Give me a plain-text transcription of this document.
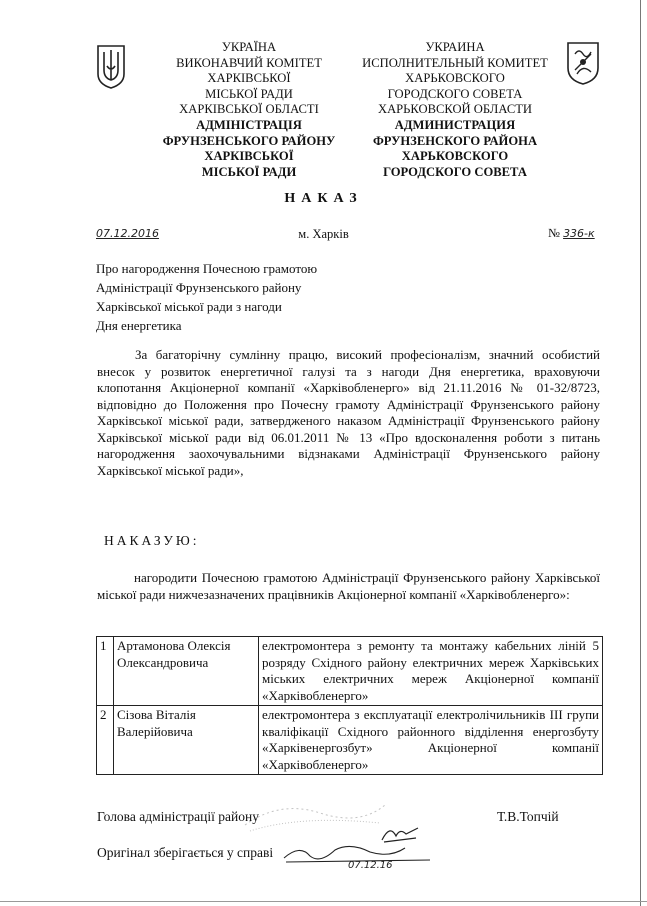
УКРАЇНА
ВИКОНАВЧИЙ КОМІТЕТ
ХАРКІВСЬКОЇ
МІСЬКОЇ РАДИ
ХАРКІВСЬКОЇ ОБЛАСТІ
АДМІНІСТРАЦІЯ
ФРУНЗЕНСЬКОГО РАЙОНУ
ХАРКІВСЬКОЇ
МІСЬКОЇ РАДИ
УКРАИНА
ИСПОЛНИТЕЛЬНЫЙ КОМИТЕТ
ХАРЬКОВСКОГО
ГОРОДСКОГО СОВЕТА
ХАРЬКОВСКОЙ ОБЛАСТИ
АДМИНИСТРАЦИЯ
ФРУНЗЕНСКОГО РАЙОНА
ХАРЬКОВСКОГО
ГОРОДСКОГО СОВЕТА
НАКАЗ
07.12.2016	м. Харків	№ 336-к
Про нагородження Почесною грамотою
Адміністрації Фрунзенського району
Харківської міської ради з нагоди
Дня енергетика
За багаторічну сумлінну працю, високий професіоналізм, значний особистий внесок у розвиток енергетичної галузі та з нагоди Дня енергетика, враховуючи клопотання Акціонерної компанії «Харківобленерго» від 21.11.2016 № 01-32/8723, відповідно до Положення про Почесну грамоту Адміністрації Фрунзенського району Харківської міської ради, затвердженого наказом Адміністрації Фрунзенського району Харківської міської ради від 06.01.2011 № 13 «Про вдосконалення роботи з питань нагородження заохочувальними відзнаками Адміністрації Фрунзенського району Харківської міської ради»,
НАКАЗУЮ:
нагородити Почесною грамотою Адміністрації Фрунзенського району Харківської міської ради нижчезазначених працівників Акціонерної компанії «Харківобленерго»:
1	Артамонова Олексія
Олександровича	електромонтера з ремонту та монтажу кабельних ліній 5 розряду Східного району електричних мереж Харківських міських електричних мереж Акціонерної компанії «Харківобленерго»
2	Сізова Віталія
Валерійовича	електромонтера з експлуатації електролічильників III групи кваліфікації Східного районного відділення енергозбуту «Харківенергозбут» Акціонерної компанії «Харківобленерго»
Голова адміністрації району	Т.В.Топчій
Оригінал зберігається у справі
07.12.16
